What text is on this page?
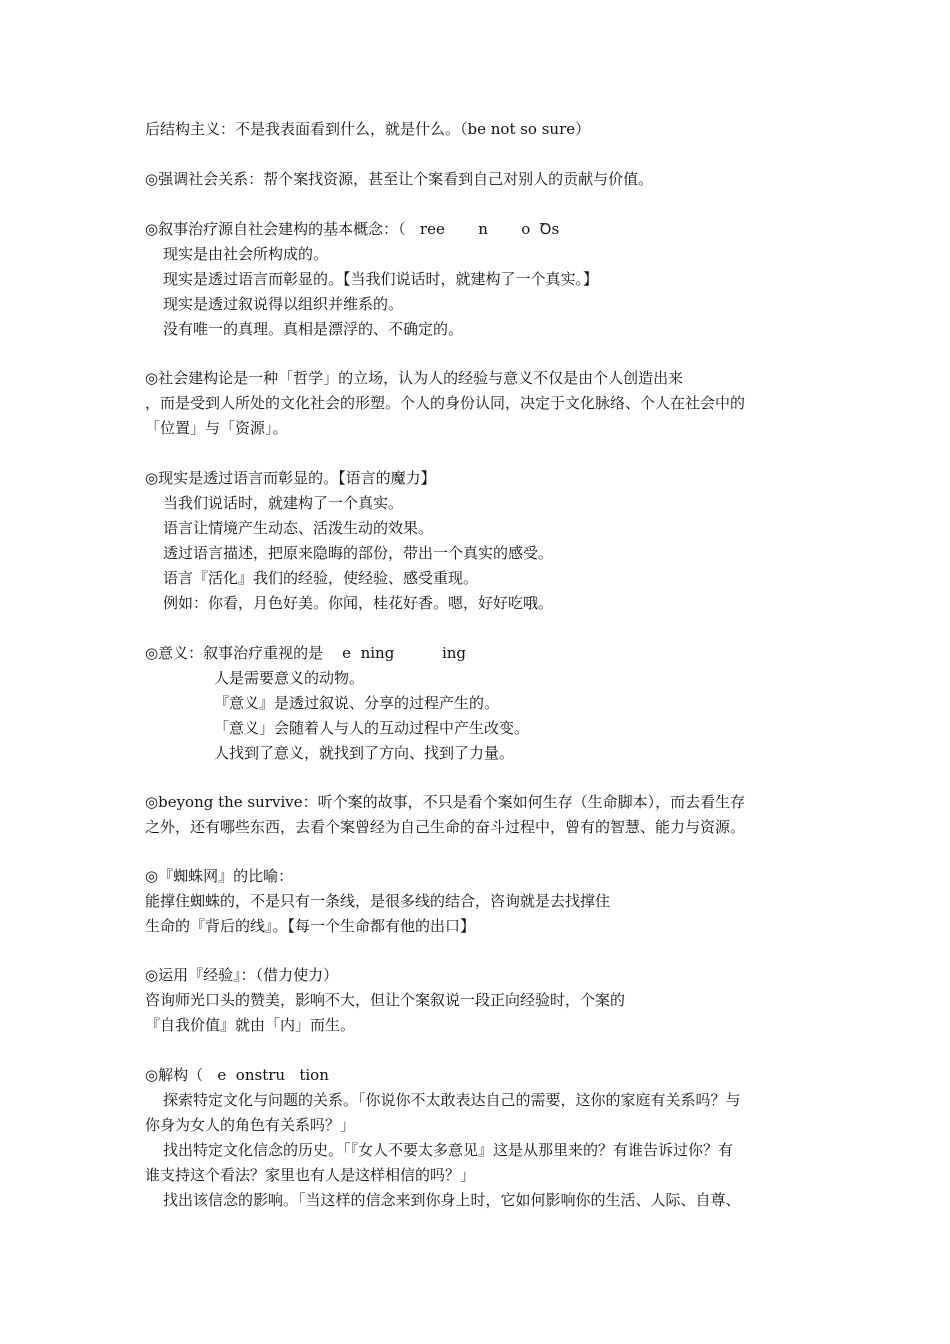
后结构主义：不是我表面看到什么，就是什么。（be not so sure）
◎强调社会关系：帮个案找资源，甚至让个案看到自己对别人的贡献与价值。
◎叙事治疗源自社会建构的基本概念：（   ree       n       o  Ꝺs
现实是由社会所构成的。
现实是透过语言而彰显的。【当我们说话时，就建构了一个真实。】
现实是透过叙说得以组织并维系的。
没有唯一的真理。真相是漂浮的、不确定的。
◎社会建构论是一种「哲学」的立场，认为人的经验与意义不仅是由个人创造出来
，而是受到人所处的文化社会的形塑。个人的身份认同，决定于文化脉络、个人在社会中的
「位置」与「资源」。
◎现实是透过语言而彰显的。【语言的魔力】
当我们说话时，就建构了一个真实。
语言让情境产生动态、活泼生动的效果。
透过语言描述，把原来隐晦的部份，带出一个真实的感受。
语言『活化』我们的经验，使经验、感受重现。
例如：你看，月色好美。你闻，桂花好香。嗯，好好吃哦。
◎意义：叙事治疗重视的是    e  ning          ing
人是需要意义的动物。
『意义』是透过叙说、分享的过程产生的。
「意义」会随着人与人的互动过程中产生改变。
人找到了意义，就找到了方向、找到了力量。
◎beyong the survive：听个案的故事，不只是看个案如何生存（生命脚本），而去看生存
之外，还有哪些东西，去看个案曾经为自己生命的奋斗过程中，曾有的智慧、能力与资源。
◎『蜘蛛网』的比喻：
能撑住蜘蛛的，不是只有一条线，是很多线的结合，咨询就是去找撑住
生命的『背后的线』。【每一个生命都有他的出口】
◎运用『经验』：（借力使力）
咨询师光口头的赞美，影响不大，但让个案叙说一段正向经验时，个案的
『自我价值』就由「内」而生。
◎解构（   e  onstru   tion
探索特定文化与问题的关系。「你说你不太敢表达自己的需要，这你的家庭有关系吗？与
你身为女人的角色有关系吗？」
找出特定文化信念的历史。「『女人不要太多意见』这是从那里来的？有谁告诉过你？有
谁支持这个看法？家里也有人是这样相信的吗？」
找出该信念的影响。「当这样的信念来到你身上时，它如何影响你的生活、人际、自尊、
